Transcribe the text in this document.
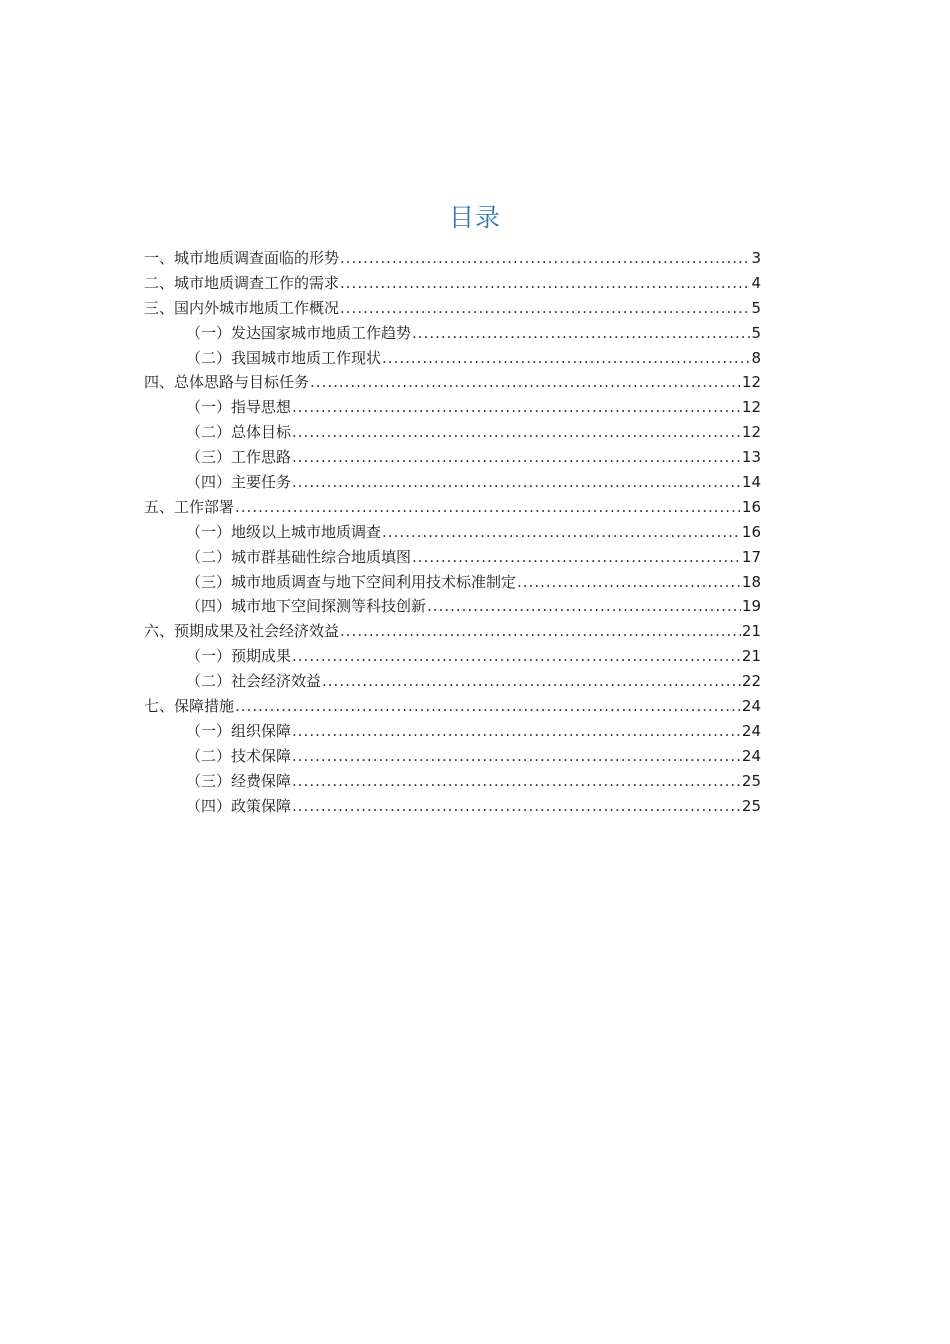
目录
一、城市地质调查面临的形势 .....	3
二、城市地质调查工作的需求 .....	4
三、国内外城市地质工作概况 .....	5
（一）发达国家城市地质工作趋势 .....	5
（二）我国城市地质工作现状 .....	8
四、总体思路与目标任务 .....	12
（一）指导思想 .....	12
（二）总体目标 .....	12
（三）工作思路 .....	13
（四）主要任务 .....	14
五、工作部署 .....	16
（一）地级以上城市地质调查 .....	16
（二）城市群基础性综合地质填图 .....	17
（三）城市地质调查与地下空间利用技术标准制定 .....	18
（四）城市地下空间探测等科技创新 .....	19
六、预期成果及社会经济效益 .....	21
（一）预期成果 .....	21
（二）社会经济效益 .....	22
七、保障措施 .....	24
（一）组织保障 .....	24
（二）技术保障 .....	24
（三）经费保障 .....	25
（四）政策保障 .....	25
